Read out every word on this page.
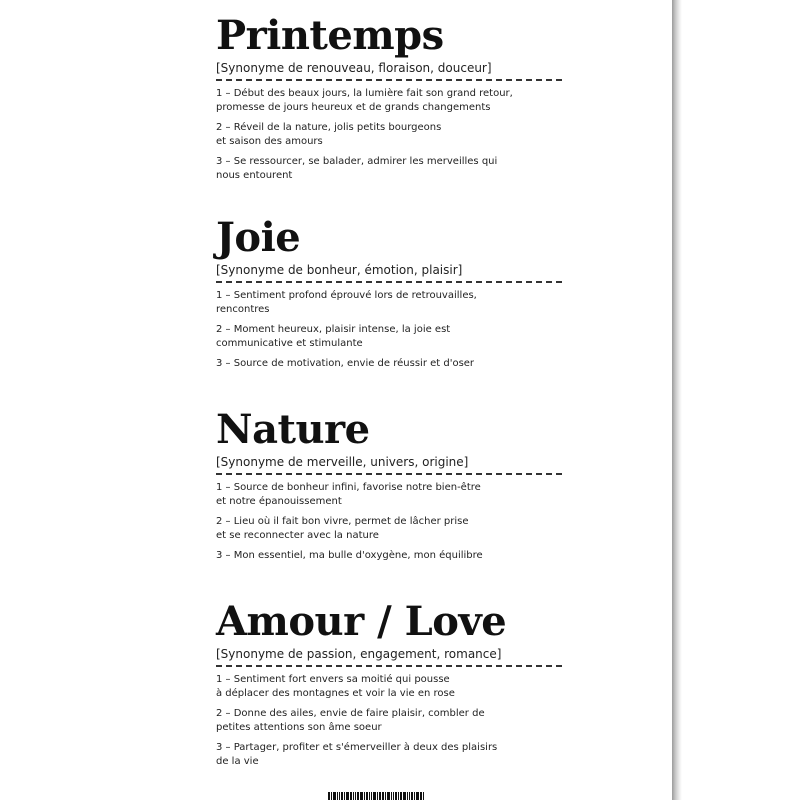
Printemps
[Synonyme de renouveau, floraison, douceur]
1 – Début des beaux jours, la lumière fait son grand retour,
promesse de jours heureux et de grands changements
2 – Réveil de la nature, jolis petits bourgeons
et saison des amours
3 – Se ressourcer, se balader, admirer les merveilles qui
nous entourent
Joie
[Synonyme de bonheur, émotion, plaisir]
1 – Sentiment profond éprouvé lors de retrouvailles,
rencontres
2 – Moment heureux, plaisir intense, la joie est
communicative et stimulante
3 – Source de motivation, envie de réussir et d'oser
Nature
[Synonyme de merveille, univers, origine]
1 – Source de bonheur infini, favorise notre bien-être
et notre épanouissement
2 – Lieu où il fait bon vivre, permet de lâcher prise
et se reconnecter avec la nature
3 – Mon essentiel, ma bulle d'oxygène, mon équilibre
Amour / Love
[Synonyme de passion, engagement, romance]
1 – Sentiment fort envers sa moitié qui pousse
à déplacer des montagnes et voir la vie en rose
2 – Donne des ailes, envie de faire plaisir, combler de
petites attentions son âme soeur
3 – Partager, profiter et s'émerveiller à deux des plaisirs
de la vie
